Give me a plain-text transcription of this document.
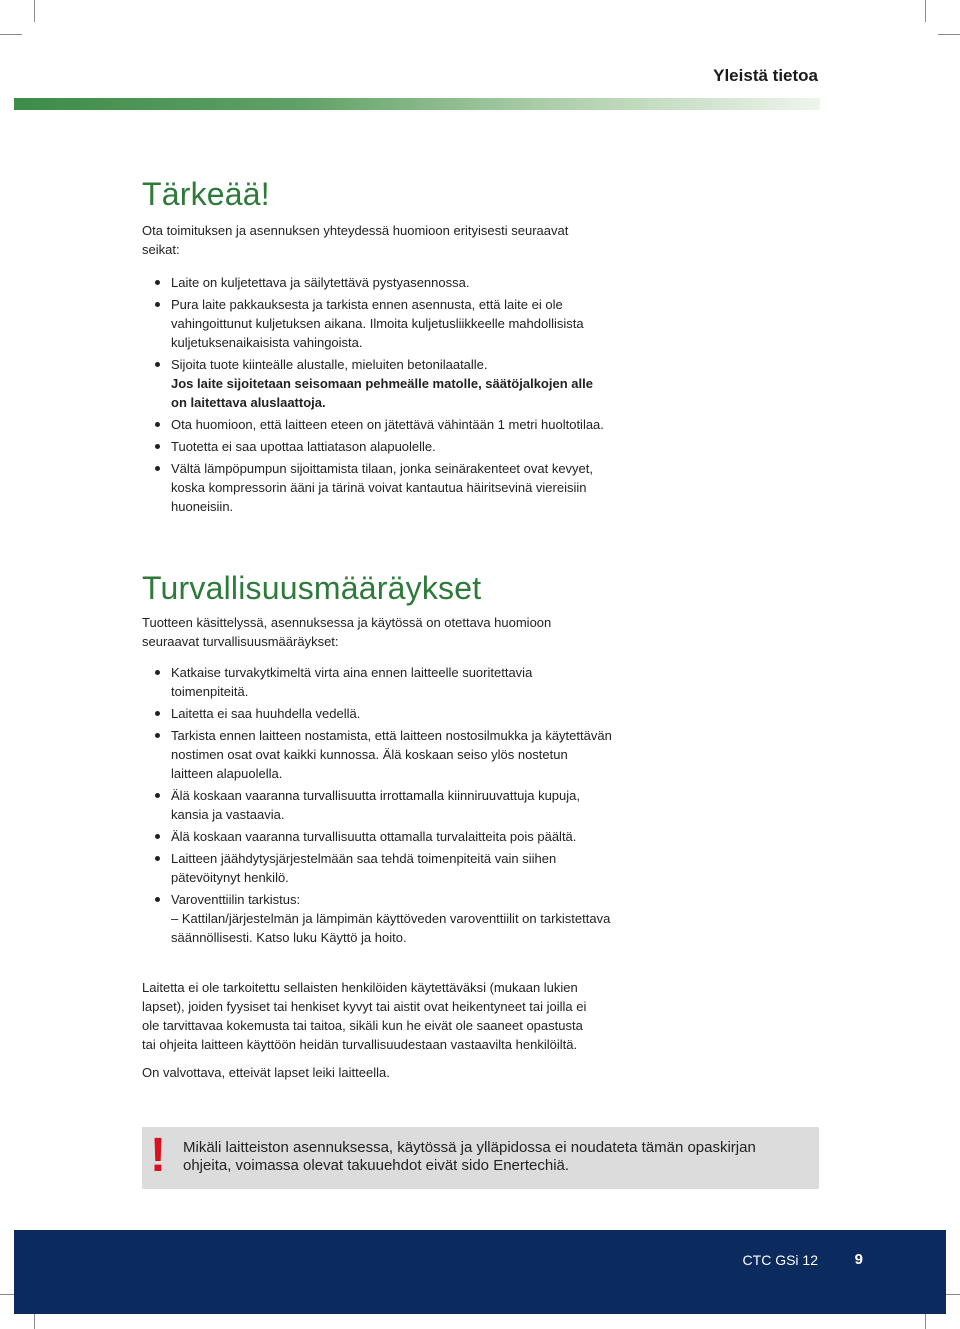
Yleistä tietoa
Tärkeää!

Ota toimituksen ja asennuksen yhteydessä huomioon erityisesti seuraavat seikat:

Laite on kuljetettava ja säilytettävä pystyasennossa.
Pura laite pakkauksesta ja tarkista ennen asennusta, että laite ei ole vahingoittunut kuljetuksen aikana. Ilmoita kuljetusliikkeelle mahdollisista kuljetuksenaikaisista vahingoista.
Sijoita tuote kiinteälle alustalle, mieluiten betonilaatalle.
Jos laite sijoitetaan seisomaan pehmeälle matolle, säätöjalkojen alle on laitettava aluslaattoja.
Ota huomioon, että laitteen eteen on jätettävä vähintään 1 metri huoltotilaa.
Tuotetta ei saa upottaa lattiatason alapuolelle.
Vältä lämpöpumpun sijoittamista tilaan, jonka seinärakenteet ovat kevyet, koska kompressorin ääni ja tärinä voivat kantautua häiritsevinä viereisiin huoneisiin.
Turvallisuusmääräykset

Tuotteen käsittelyssä, asennuksessa ja käytössä on otettava huomioon seuraavat turvallisuusmääräykset:

Katkaise turvakytkimeltä virta aina ennen laitteelle suoritettavia toimenpiteitä.
Laitetta ei saa huuhdella vedellä.
Tarkista ennen laitteen nostamista, että laitteen nostosilmukka ja käytettävän nostimen osat ovat kaikki kunnossa. Älä koskaan seiso ylös nostetun laitteen alapuolella.
Älä koskaan vaaranna turvallisuutta irrottamalla kiinniruuvattuja kupuja, kansia ja vastaavia.
Älä koskaan vaaranna turvallisuutta ottamalla turvalaitteita pois päältä.
Laitteen jäähdytysjärjestelmään saa tehdä toimenpiteitä vain siihen pätevöitynyt henkilö.
Varoventtiilin tarkistus:
– Kattilan/järjestelmän ja lämpimän käyttöveden varoventtiilit on tarkistettava säännöllisesti. Katso luku Käyttö ja hoito.

Laitetta ei ole tarkoitettu sellaisten henkilöiden käytettäväksi (mukaan lukien lapset), joiden fyysiset tai henkiset kyvyt tai aistit ovat heikentyneet tai joilla ei ole tarvittavaa kokemusta tai taitoa, sikäli kun he eivät ole saaneet opastusta tai ohjeita laitteen käyttöön heidän turvallisuudestaan vastaavilta henkilöiltä.

On valvottava, etteivät lapset leiki laitteella.

! Mikäli laitteiston asennuksessa, käytössä ja ylläpidossa ei noudateta tämän opaskirjan ohjeita, voimassa olevat takuuehdot eivät sido Enertechiä.
CTC GSi 12 9
